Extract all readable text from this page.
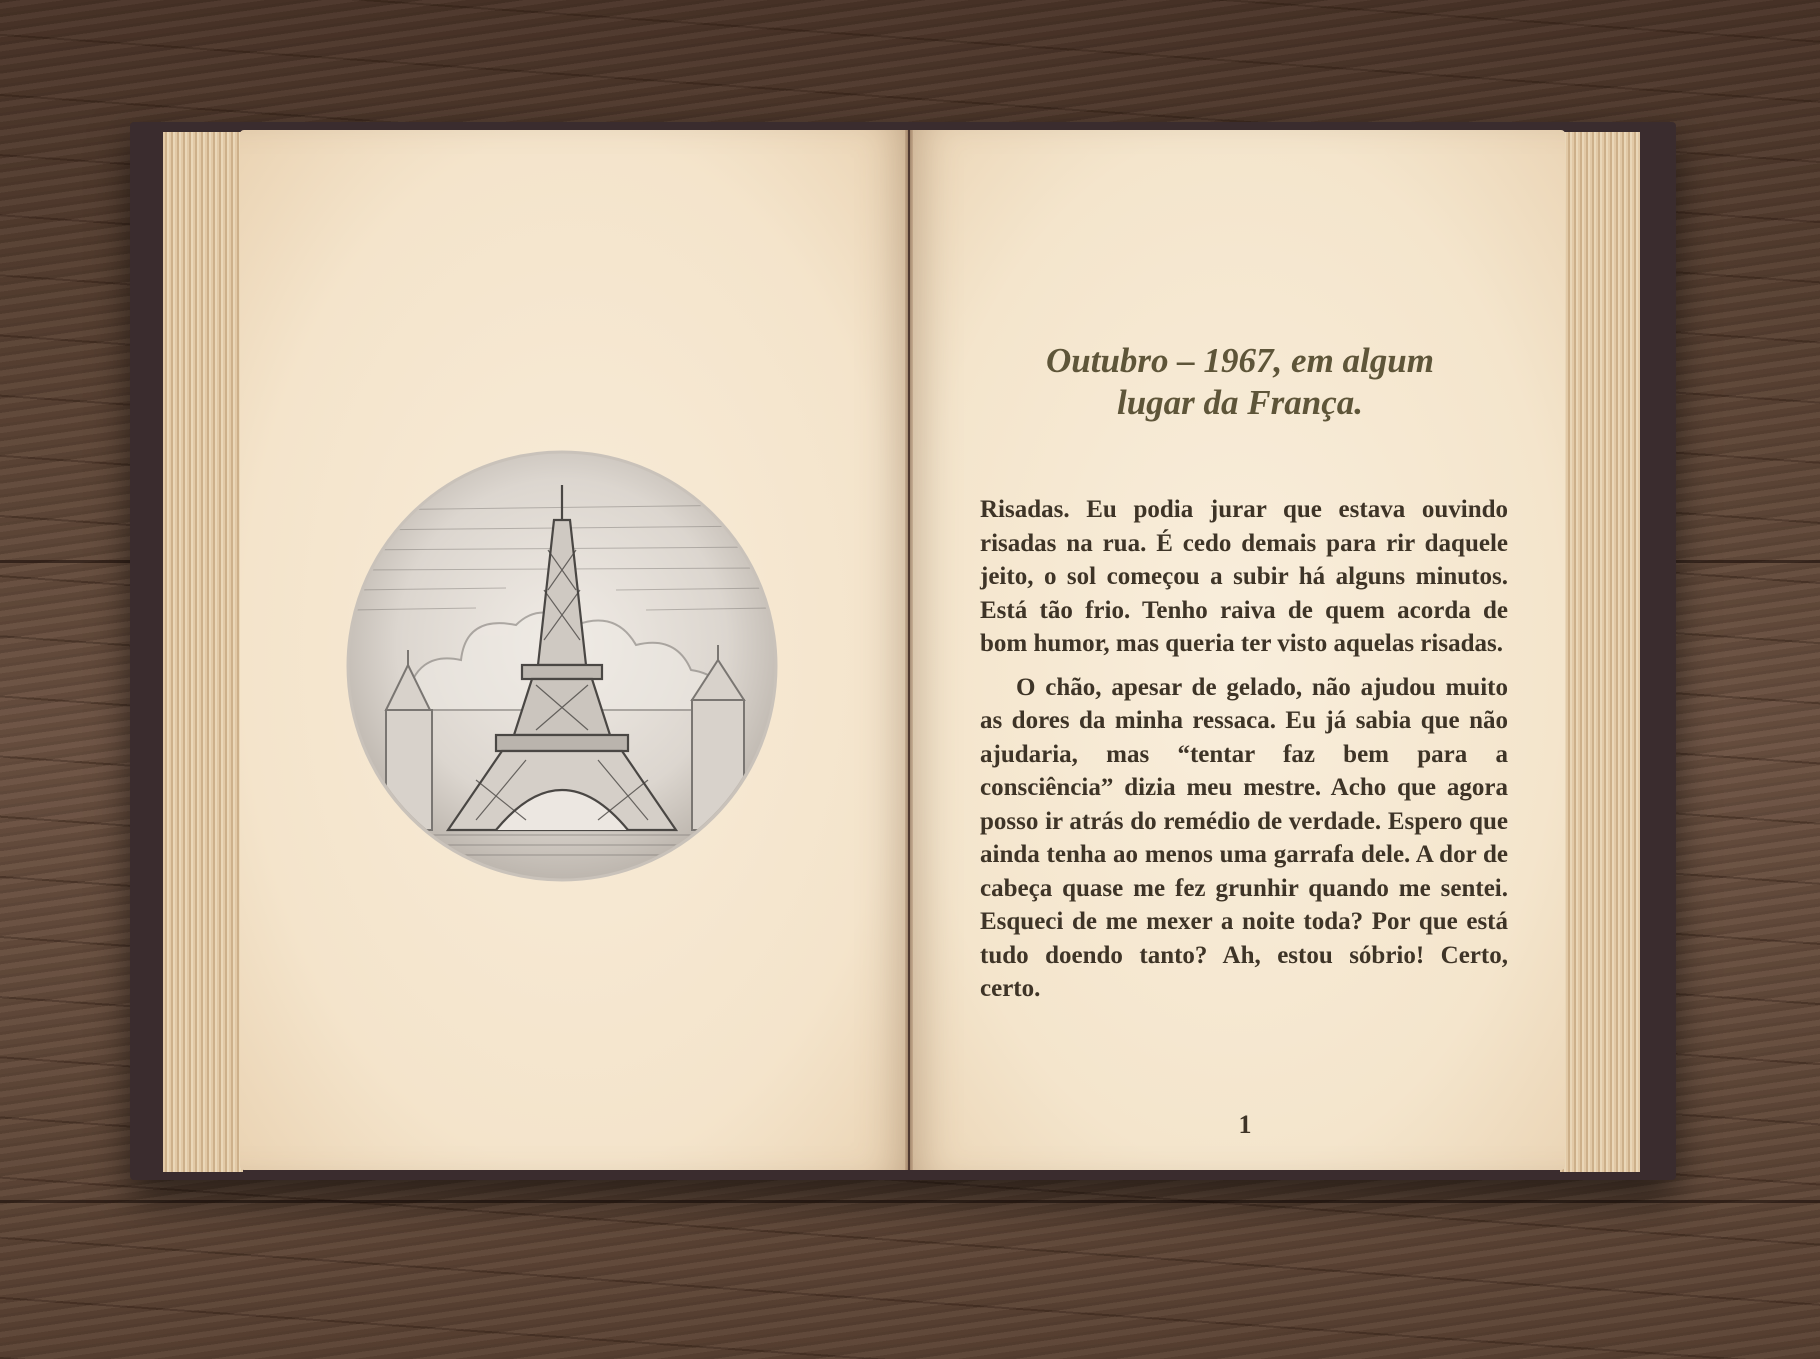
Outubro – 1967, em algum
lugar da França.

Risadas. Eu podia jurar que estava ouvindo risadas na rua. É cedo demais para rir daquele jeito, o sol começou a subir há alguns minutos. Está tão frio. Tenho raiva de quem acorda de bom humor, mas queria ter visto aquelas risadas.

O chão, apesar de gelado, não ajudou muito as dores da minha ressaca. Eu já sabia que não ajudaria, mas “tentar faz bem para a consciência” dizia meu mestre. Acho que agora posso ir atrás do remédio de verdade. Espero que ainda tenha ao menos uma garrafa dele. A dor de cabeça quase me fez grunhir quando me sentei. Esqueci de me mexer a noite toda? Por que está tudo doendo tanto? Ah, estou sóbrio! Certo, certo.

1
